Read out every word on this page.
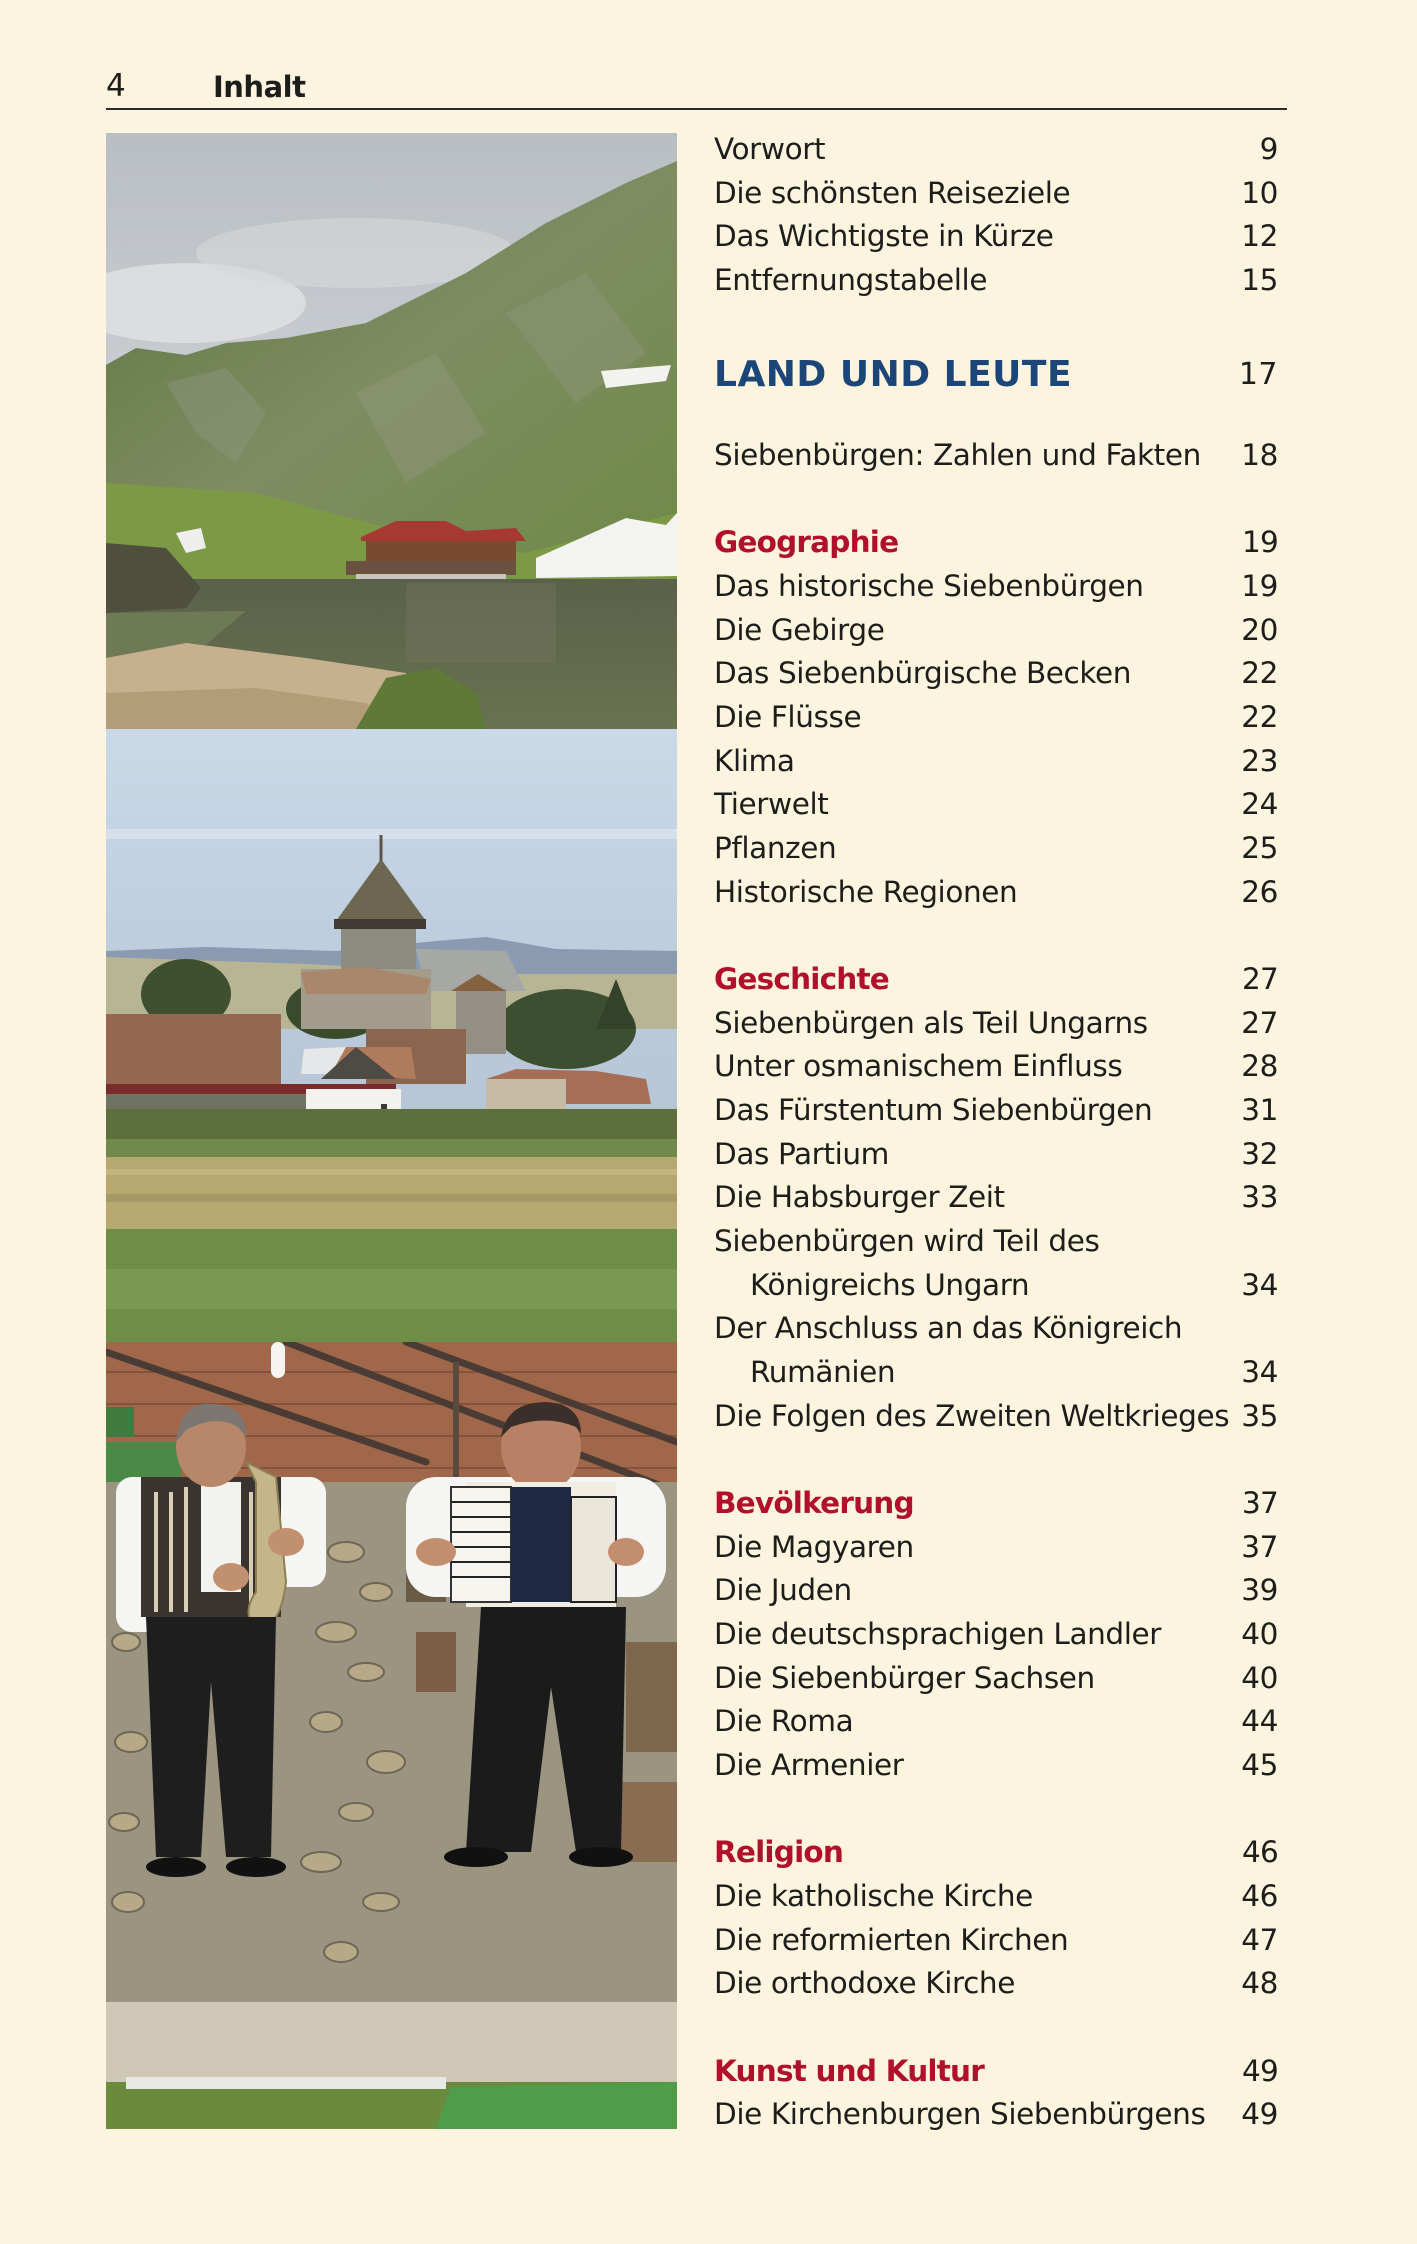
4	Inhalt
Vorwort	9
Die schönsten Reiseziele	10
Das Wichtigste in Kürze	12
Entfernungstabelle	15
LAND UND LEUTE	17
Siebenbürgen: Zahlen und Fakten 18
Geographie	19
Das historische Siebenbürgen	19
Die Gebirge	20
Das Siebenbürgische Becken	22
Die Flüsse	22
Klima	23
Tierwelt	24
Pflanzen	25
Historische Regionen	26
Geschichte	27
Siebenbürgen als Teil Ungarns	27
Unter osmanischem Einfluss	28
Das Fürstentum Siebenbürgen	31
Das Partium	32
Die Habsburger Zeit	33
Siebenbürgen wird Teil des
Königreichs Ungarn	34
Der Anschluss an das Königreich
Rumänien	34
Die Folgen des Zweiten Weltkrieges 35
Bevölkerung	37
Die Magyaren	37
Die Juden	39
Die deutschsprachigen Landler	40
Die Siebenbürger Sachsen	40
Die Roma	44
Die Armenier	45
Religion	46
Die katholische Kirche	46
Die reformierten Kirchen	47
Die orthodoxe Kirche	48
Kunst und Kultur	49
Die Kirchenburgen Siebenbürgens 49
